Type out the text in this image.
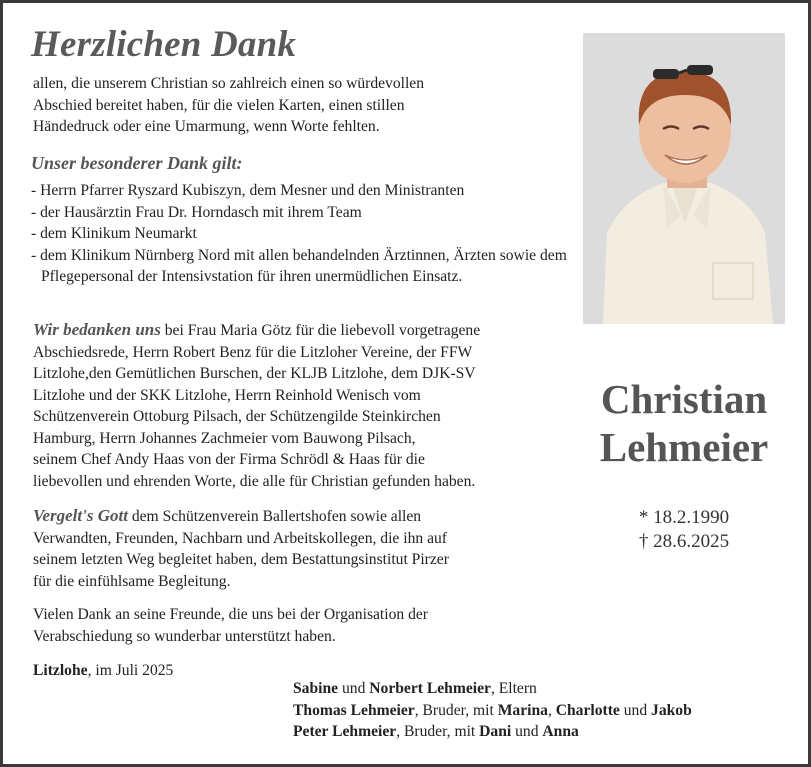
Herzlichen Dank
allen, die unserem Christian so zahlreich einen so würdevollen
Abschied bereitet haben, für die vielen Karten, einen stillen
Händedruck oder eine Umarmung, wenn Worte fehlten.
Unser besonderer Dank gilt:
- Herrn Pfarrer Ryszard Kubiszyn, dem Mesner und den Ministranten
- der Hausärztin Frau Dr. Horndasch mit ihrem Team
- dem Klinikum Neumarkt
- dem Klinikum Nürnberg Nord mit allen behandelnden Ärztinnen, Ärzten sowie dem Pflegepersonal der Intensivstation für ihren unermüdlichen Einsatz.
Wir bedanken uns bei Frau Maria Götz für die liebevoll vorgetragene
Abschiedsrede, Herrn Robert Benz für die Litzloher Vereine, der FFW
Litzlohe,den Gemütlichen Burschen, der KLJB Litzlohe, dem DJK-SV
Litzlohe und der SKK Litzlohe, Herrn Reinhold Wenisch vom
Schützenverein Ottoburg Pilsach, der Schützengilde Steinkirchen
Hamburg, Herrn Johannes Zachmeier vom Bauwong Pilsach,
seinem Chef Andy Haas von der Firma Schrödl & Haas für die
liebevollen und ehrenden Worte, die alle für Christian gefunden haben.
Vergelt's Gott dem Schützenverein Ballertshofen sowie allen
Verwandten, Freunden, Nachbarn und Arbeitskollegen, die ihn auf
seinem letzten Weg begleitet haben, dem Bestattungsinstitut Pirzer
für die einfühlsame Begleitung.
Vielen Dank an seine Freunde, die uns bei der Organisation der
Verabschiedung so wunderbar unterstützt haben.
Litzlohe, im Juli 2025
Christian
Lehmeier
* 18.2.1990
† 28.6.2025
Sabine und Norbert Lehmeier, Eltern
Thomas Lehmeier, Bruder, mit Marina, Charlotte und Jakob
Peter Lehmeier, Bruder, mit Dani und Anna
